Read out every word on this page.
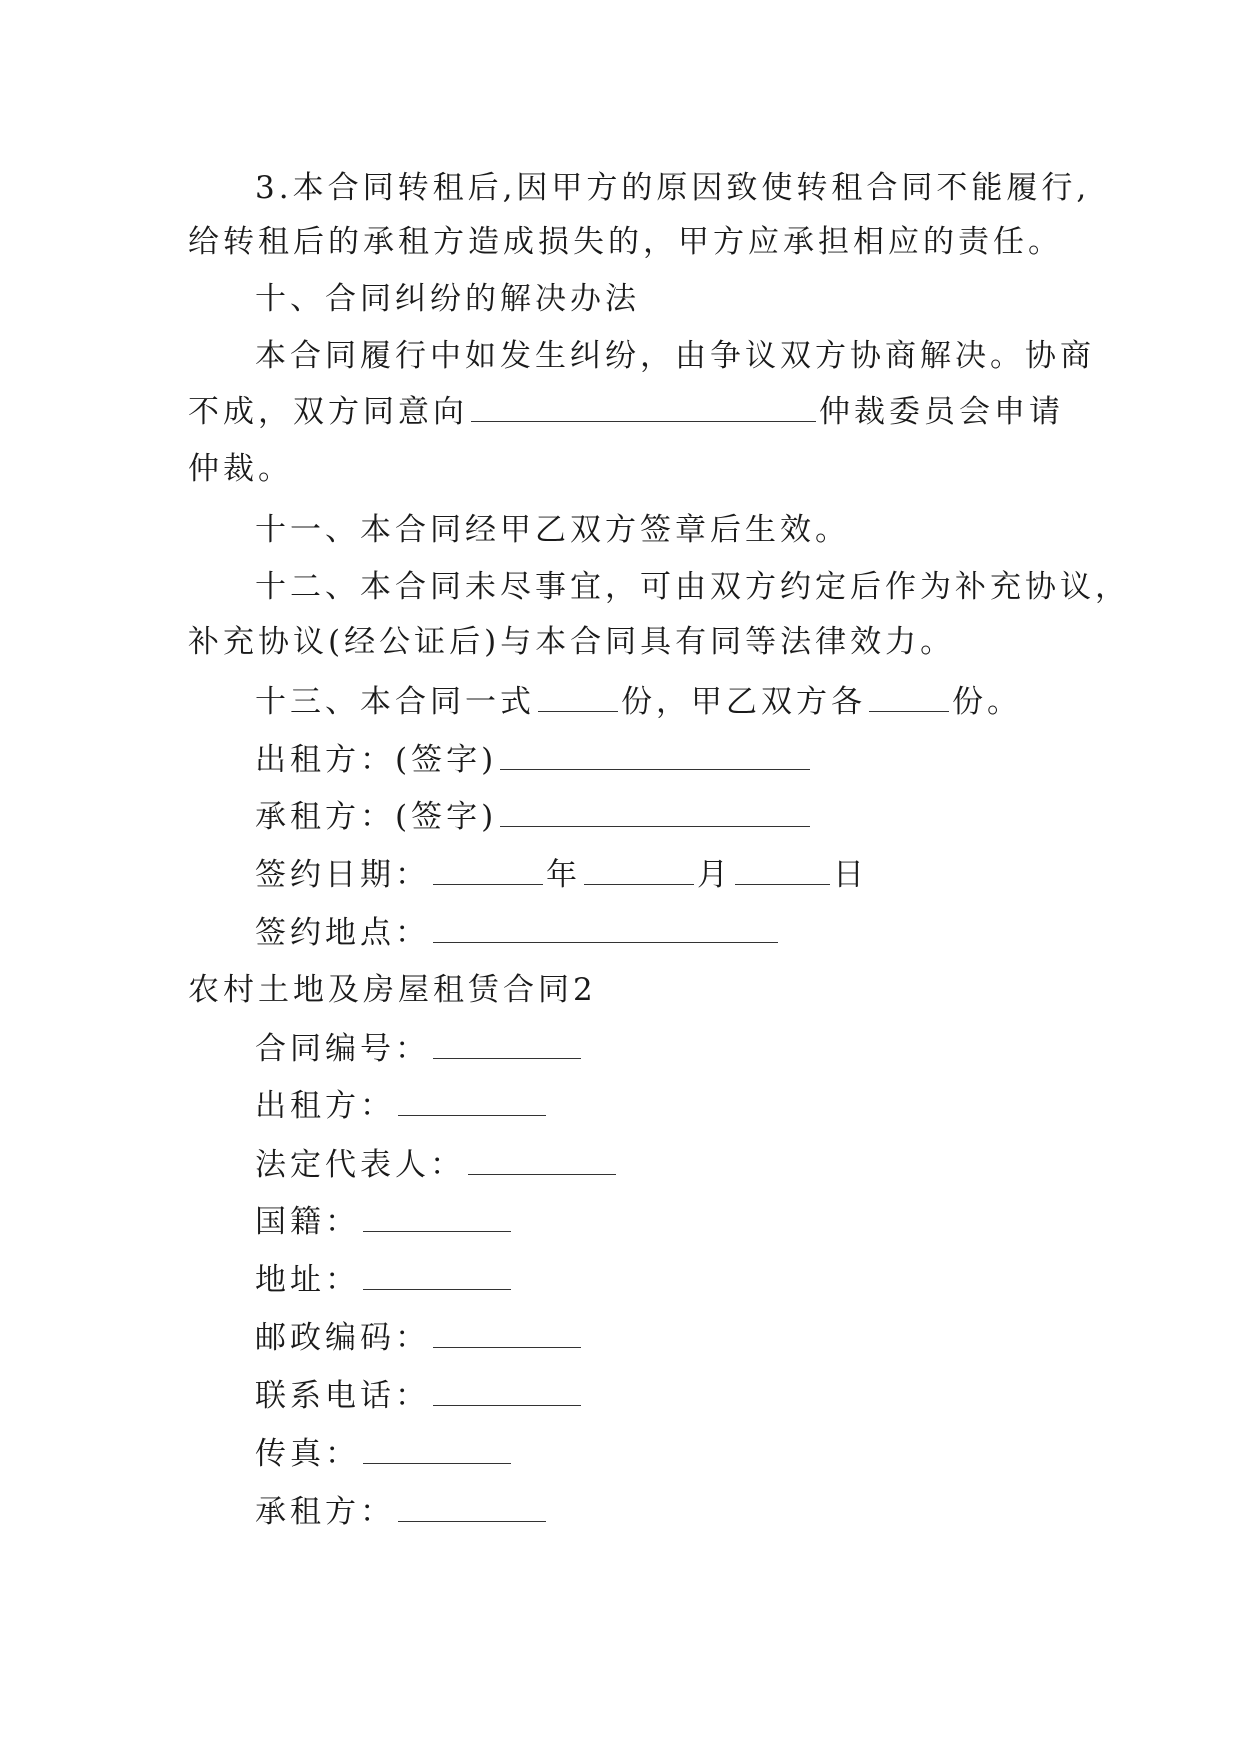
3.本合同转租后,因甲方的原因致使转租合同不能履行,
给转租后的承租方造成损失的，甲方应承担相应的责任。
十、合同纠纷的解决办法
本合同履行中如发生纠纷，由争议双方协商解决。协商
不成，双方同意向	仲裁委员会申请
仲裁。
十一、本合同经甲乙双方签章后生效。
十二、本合同未尽事宜，可由双方约定后作为补充协议，
补充协议(经公证后)与本合同具有同等法律效力。
十三、本合同一式	份，甲乙双方各	份。
出租方：(签字)
承租方：(签字)
签约日期：	年	月	日
签约地点：
农村土地及房屋租赁合同2
合同编号：
出租方：
法定代表人：
国籍：
地址：
邮政编码：
联系电话：
传真：
承租方：
